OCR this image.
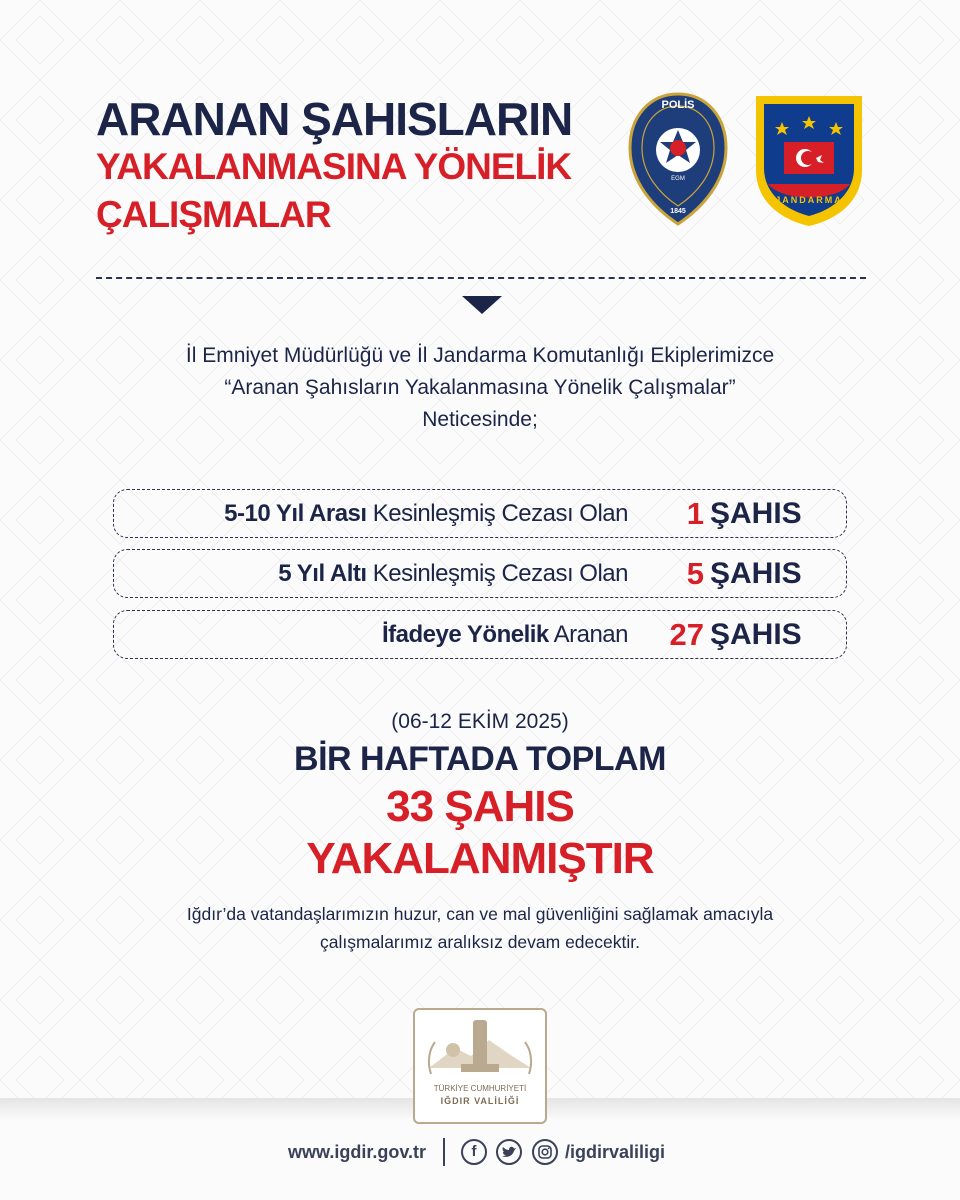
ARANAN ŞAHISLARIN
YAKALANMASINA YÖNELİK
ÇALIŞMALAR
POLİS
EGM
1845
JANDARMA
İl Emniyet Müdürlüğü ve İl Jandarma Komutanlığı Ekiplerimizce
“Aranan Şahısların Yakalanmasına Yönelik Çalışmalar”
Neticesinde;
5-10 Yıl Arası Kesinleşmiş Cezası Olan	1 ŞAHIS
5 Yıl Altı Kesinleşmiş Cezası Olan	5 ŞAHIS
İfadeye Yönelik Aranan	27 ŞAHIS
(06-12 EKİM 2025)
BİR HAFTADA TOPLAM
33 ŞAHIS
YAKALANMIŞTIR
Iğdır’da vatandaşlarımızın huzur, can ve mal güvenliğini sağlamak amacıyla
çalışmalarımız aralıksız devam edecektir.
TÜRKİYE CUMHURİYETİ
IĞDIR VALİLİĞİ
www.igdir.gov.tr	f	/igdirvaliligi
